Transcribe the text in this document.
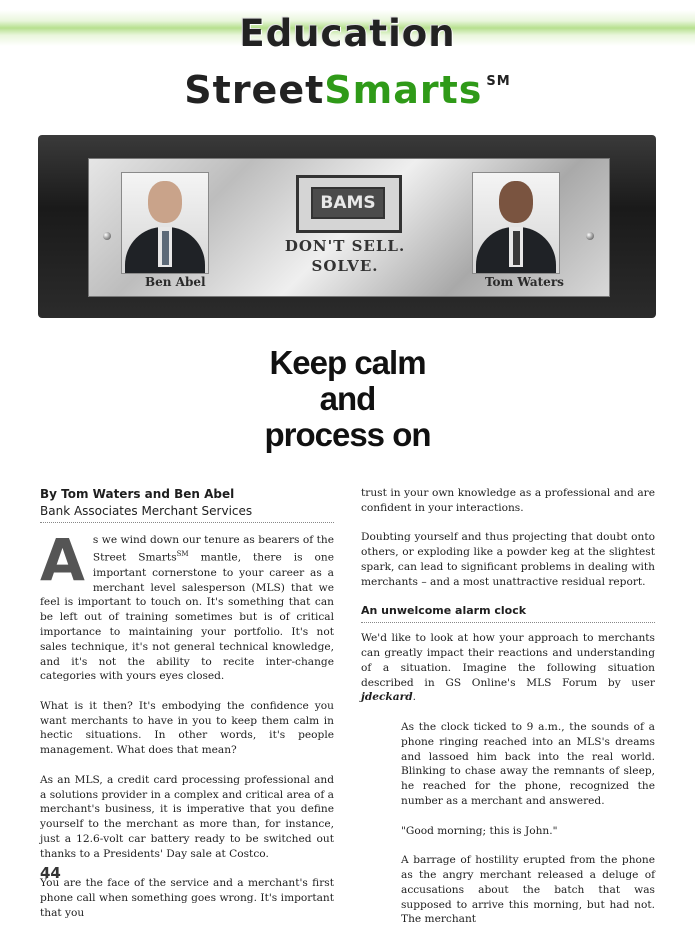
Education
StreetSmarts ℠
Ben Abel	Tom Waters
BAMS
DON'T SELL.
SOLVE.
Keep calm
and
process on
By Tom Waters and Ben Abel
Bank Associates Merchant Services

As we wind down our tenure as bearers of the Street Smarts℠ mantle, there is one important cornerstone to your career as a merchant level salesperson (MLS) that we feel is important to touch on. It's something that can be left out of training sometimes but is of critical importance to maintaining your portfolio. It's not sales technique, it's not general technical knowledge, and it's not the ability to recite inter-change categories with yours eyes closed.

What is it then? It's embodying the confidence you want merchants to have in you to keep them calm in hectic situations. In other words, it's people management. What does that mean?

As an MLS, a credit card processing professional and a solutions provider in a complex and critical area of a merchant's business, it is imperative that you define yourself to the merchant as more than, for instance, just a 12.6-volt car battery ready to be switched out thanks to a Presidents' Day sale at Costco.

You are the face of the service and a merchant's first phone call when something goes wrong. It's important that you

trust in your own knowledge as a professional and are confident in your interactions.

Doubting yourself and thus projecting that doubt onto others, or exploding like a powder keg at the slightest spark, can lead to significant problems in dealing with merchants – and a most unattractive residual report.

An unwelcome alarm clock

We'd like to look at how your approach to merchants can greatly impact their reactions and understanding of a situation. Imagine the following situation described in GS Online's MLS Forum by user jdeckard.

As the clock ticked to 9 a.m., the sounds of a phone ringing reached into an MLS's dreams and lassoed him back into the real world. Blinking to chase away the remnants of sleep, he reached for the phone, recognized the number as a merchant and answered.

"Good morning; this is John."

A barrage of hostility erupted from the phone as the angry merchant released a deluge of accusations about the batch that was supposed to arrive this morning, but had not. The merchant

44
